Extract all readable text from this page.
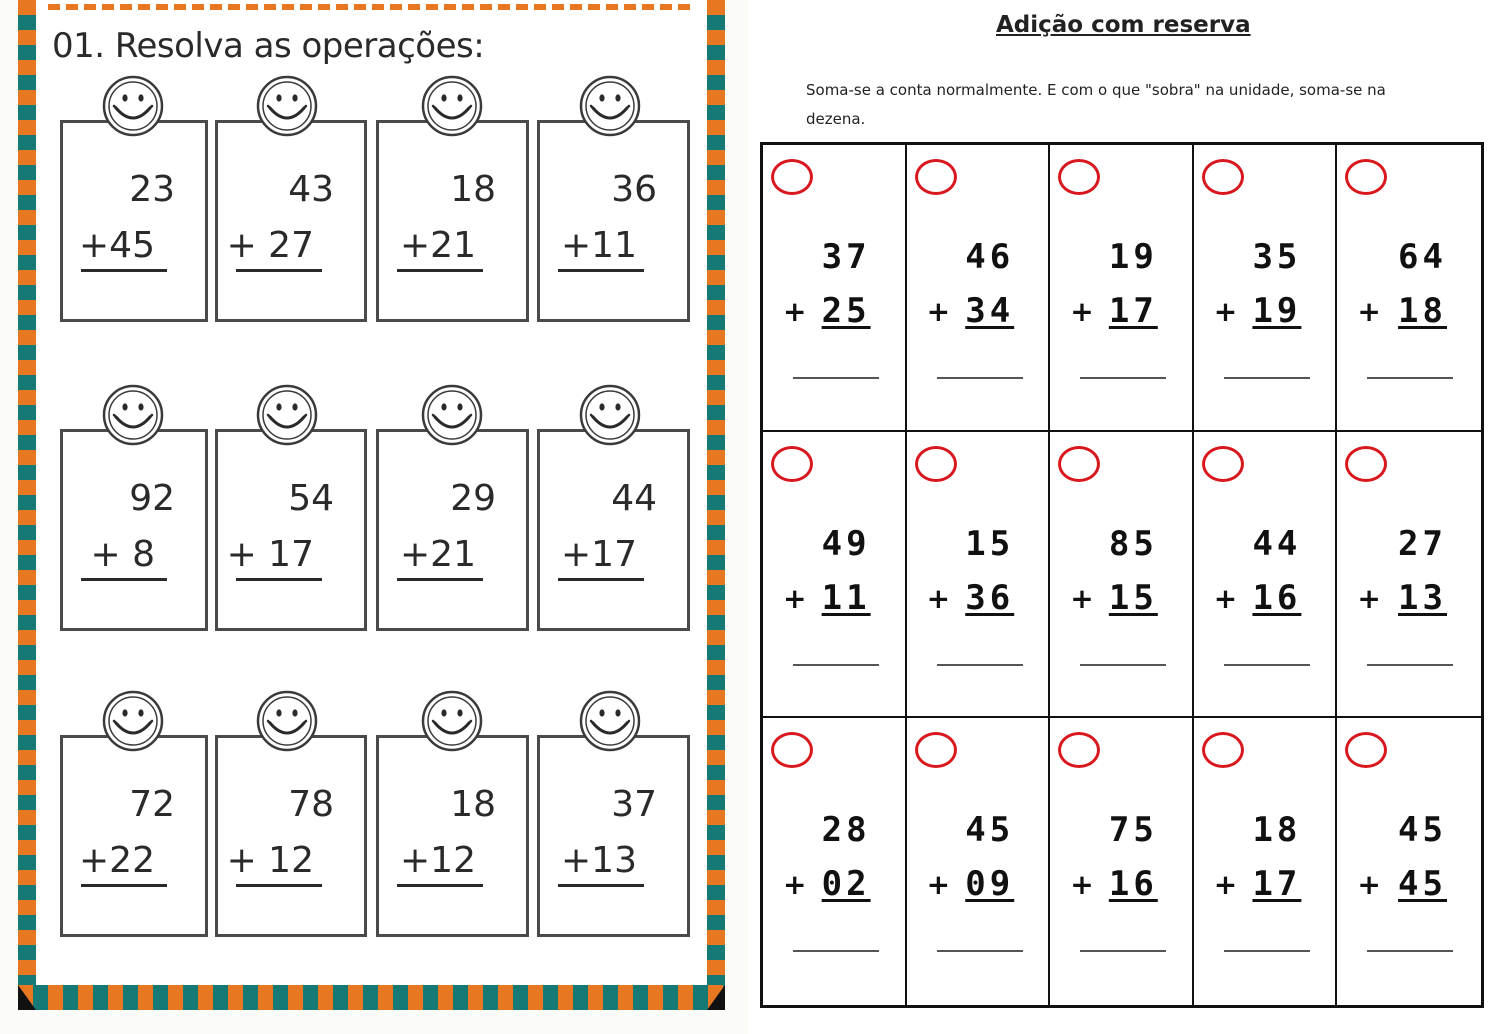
01. Resolva as operações:
23
+45
43
+ 27
18
+21
36
+11
92
+ 8
54
+ 17
29
+21
44
+17
72
+22
78
+ 12
18
+12
37
+13
Adição com reserva
Soma-se a conta normalmente. E com o que "sobra" na unidade, soma-se na dezena.
37
+ 25
46
+ 34
19
+ 17
35
+ 19
64
+ 18
49
+ 11
15
+ 36
85
+ 15
44
+ 16
27
+ 13
28
+ 02
45
+ 09
75
+ 16
18
+ 17
45
+ 45
